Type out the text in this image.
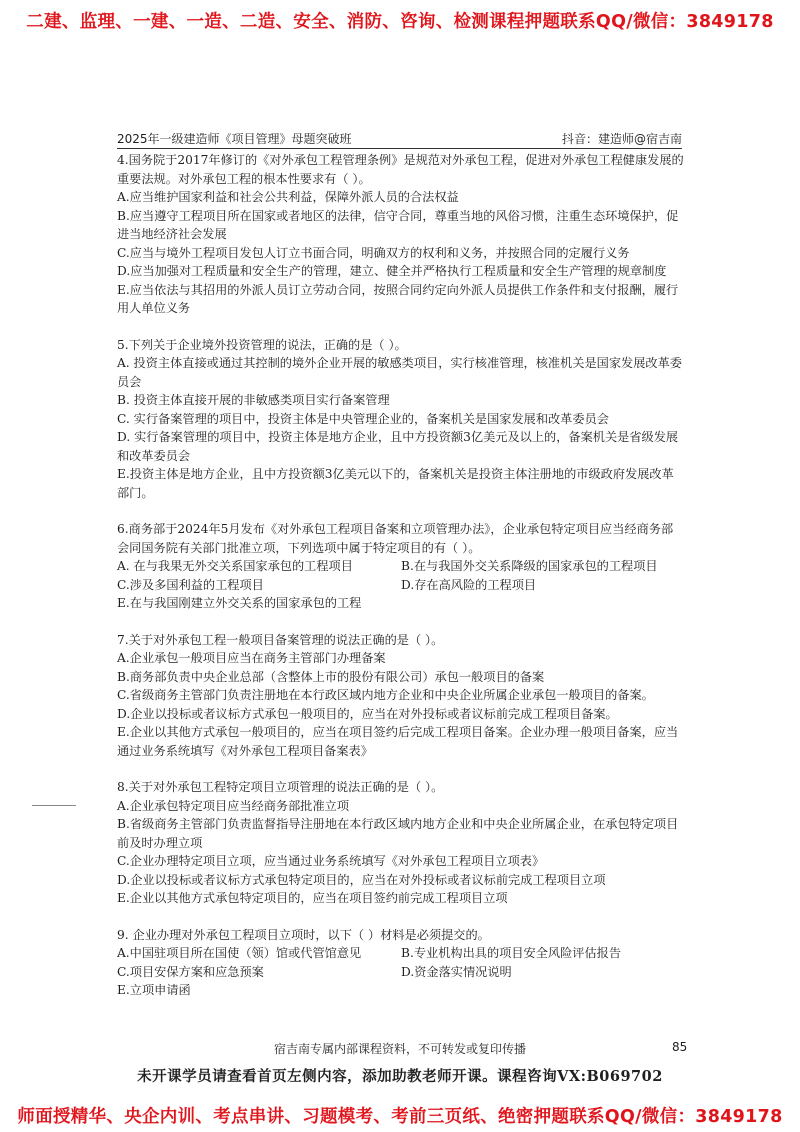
二建、监理、一建、一造、二造、安全、消防、咨询、检测课程押题联系QQ/微信：3849178
2025年一级建造师《项目管理》母题突破班	抖音：建造师@宿吉南

4.国务院于2017年修订的《对外承包工程管理条例》是规范对外承包工程，促进对外承包工程健康发展的重要法规。对外承包工程的根本性要求有（ ）。

A.应当维护国家利益和社会公共利益，保障外派人员的合法权益

B.应当遵守工程项目所在国家或者地区的法律，信守合同，尊重当地的风俗习惯，注重生态环境保护，促进当地经济社会发展

C.应当与境外工程项目发包人订立书面合同，明确双方的权利和义务，并按照合同的定履行义务

D.应当加强对工程质量和安全生产的管理，建立、健全并严格执行工程质量和安全生产管理的规章制度

E.应当依法与其招用的外派人员订立劳动合同，按照合同约定向外派人员提供工作条件和支付报酬，履行用人单位义务

5.下列关于企业境外投资管理的说法，正确的是（ ）。

A. 投资主体直接或通过其控制的境外企业开展的敏感类项目，实行核准管理，核准机关是国家发展改革委员会

B. 投资主体直接开展的非敏感类项目实行备案管理

C. 实行备案管理的项目中，投资主体是中央管理企业的，备案机关是国家发展和改革委员会

D. 实行备案管理的项目中，投资主体是地方企业，且中方投资额3亿美元及以上的，备案机关是省级发展和改革委员会

E.投资主体是地方企业，且中方投资额3亿美元以下的，备案机关是投资主体注册地的市级政府发展改革部门。

6.商务部于2024年5月发布《对外承包工程项目备案和立项管理办法》，企业承包特定项目应当经商务部会同国务院有关部门批准立项，下列选项中属于特定项目的有（ ）。

A. 在与我果无外交关系国家承包的工程项目	B.在与我国外交关系降级的国家承包的工程项目
C.涉及多国利益的工程项目	D.存在高风险的工程项目

E.在与我国刚建立外交关系的国家承包的工程

7.关于对外承包工程一般项目备案管理的说法正确的是（ ）。

A.企业承包一般项目应当在商务主管部门办理备案

B.商务部负责中央企业总部（含整体上市的股份有限公司）承包一般项目的备案

C.省级商务主管部门负责注册地在本行政区域内地方企业和中央企业所属企业承包一般项目的备案。

D.企业以投标或者议标方式承包一般项目的，应当在对外投标或者议标前完成工程项目备案。

E.企业以其他方式承包一般项目的，应当在项目签约后完成工程项目备案。企业办理一般项目备案，应当通过业务系统填写《对外承包工程项目备案表》

8.关于对外承包工程特定项目立项管理的说法正确的是（ ）。

A.企业承包特定项目应当经商务部批准立项

B.省级商务主管部门负责监督指导注册地在本行政区域内地方企业和中央企业所属企业，在承包特定项目前及时办理立项

C.企业办理特定项目立项，应当通过业务系统填写《对外承包工程项目立项表》

D.企业以投标或者议标方式承包特定项目的，应当在对外投标或者议标前完成工程项目立项

E.企业以其他方式承包特定项目的，应当在项目签约前完成工程项目立项

9. 企业办理对外承包工程项目立项时，以下（ ）材料是必须提交的。

A.中国驻项目所在国使（领）馆或代管馆意见	B.专业机构出具的项目安全风险评估报告
C.项目安保方案和应急预案	D.资金落实情况说明

E.立项申请函

宿吉南专属内部课程资料，不可转发或复印传播	85
未开课学员请查看首页左侧内容，添加助教老师开课。课程咨询VX:B069702
师面授精华、央企内训、考点串讲、习题模考、考前三页纸、绝密押题联系QQ/微信：3849178
